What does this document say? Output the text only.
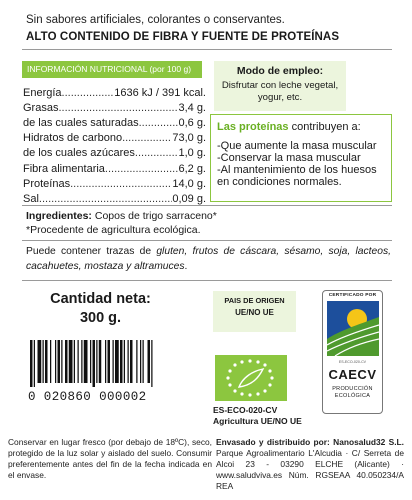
Sin sabores artificiales, colorantes o conservantes.
ALTO CONTENIDO DE FIBRA Y FUENTE DE PROTEÍNAS
INFORMACIÓN NUTRICIONAL (por 100 g)
Energía .....	1636 kJ / 391 kcal.
Grasas .....	3,4 g.
de las cuales saturadas .....	0,6 g.
Hidratos de carbono .....	73,0 g.
de los cuales azúcares .....	1,0 g.
Fibra alimentaria .....	6,2 g.
Proteínas .....	14,0 g.
Sal .....	0,09 g.
Modo de empleo:
Disfrutar con leche vegetal, yogur, etc.
Las proteínas contribuyen a:
-Que aumente la masa muscular
-Conservar la masa muscular
-Al mantenimiento de los huesos en condiciones normales.
Ingredientes: Copos de trigo sarraceno*
*Procedente de agricultura ecológica.
Puede contener trazas de gluten, frutos de cáscara, sésamo, soja, lacteos, cacahuetes, mostaza y altramuces.
Cantidad neta:
300 g.
0 020860 000002
PAIS DE ORIGEN
UE/NO UE
ES-ECO-020-CV
Agricultura UE/NO UE
CERTIFICADO POR
ES-ECO-020-CV
CAECV
PRODUCCIÓN
ECOLÓGICA
Conservar en lugar fresco (por debajo de 18ºC), seco, protegido de la luz solar y aislado del suelo. Consumir preferentemente antes del fin de la fecha indicada en el envase.
Envasado y distribuido por: Nanosalud32 S.L. Parque Agroalimentario L'Alcudia · C/ Serreta de Alcoi 23 - 03290 ELCHE (Alicante) · www.saludviva.es Núm. RGSEAA 40.050234/A REA
